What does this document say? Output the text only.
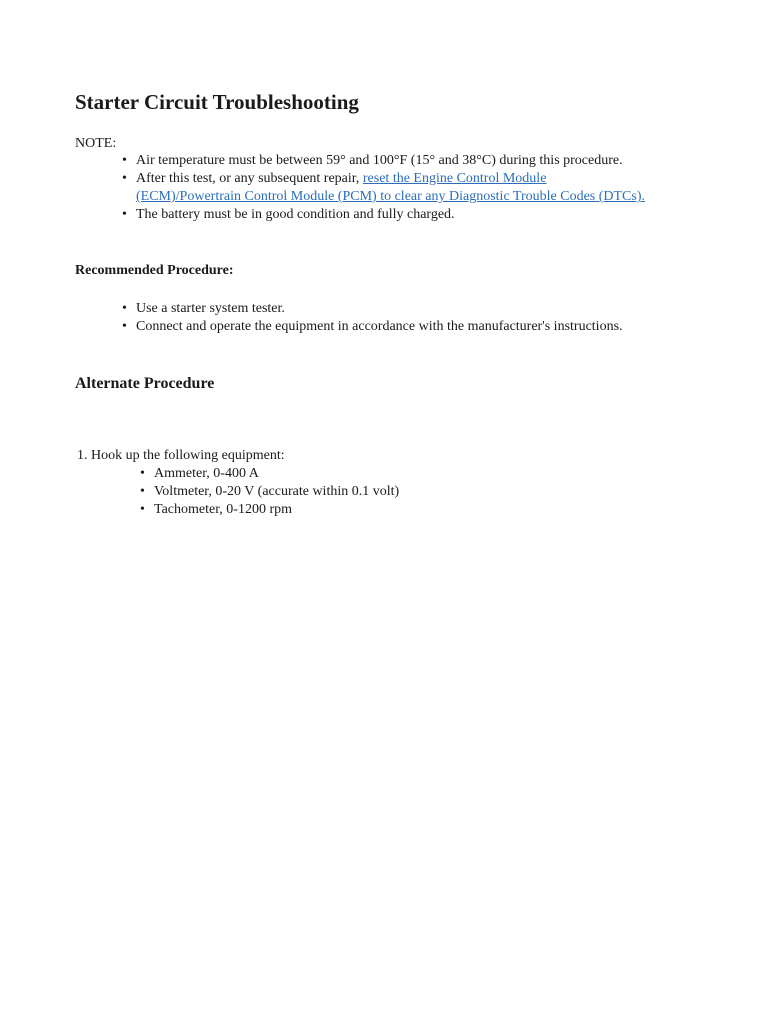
Starter Circuit Troubleshooting
NOTE:
• Air temperature must be between 59° and 100°F (15° and 38°C) during this procedure.
• After this test, or any subsequent repair, reset the Engine Control Module
(ECM)/Powertrain Control Module (PCM) to clear any Diagnostic Trouble Codes (DTCs).
• The battery must be in good condition and fully charged.
Recommended Procedure:
• Use a starter system tester.
• Connect and operate the equipment in accordance with the manufacturer's instructions.
Alternate Procedure
1. Hook up the following equipment:
• Ammeter, 0-400 A
• Voltmeter, 0-20 V (accurate within 0.1 volt)
• Tachometer, 0-1200 rpm
